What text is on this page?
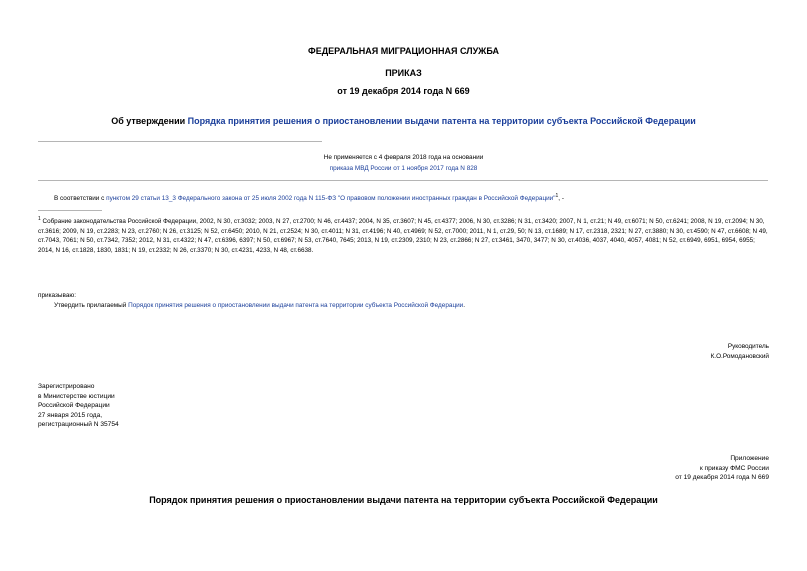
ФЕДЕРАЛЬНАЯ МИГРАЦИОННАЯ СЛУЖБА
ПРИКАЗ
от 19 декабря 2014 года N 669
Об утверждении Порядка принятия решения о приостановлении выдачи патента на территории субъекта Российской Федерации
Не применяется с 4 февраля 2018 года на основании
приказа МВД России от 1 ноября 2017 года N 828
В соответствии с пунктом 29 статьи 13_3 Федерального закона от 25 июля 2002 года N 115-ФЗ "О правовом положении иностранных граждан в Российской Федерации"$^1$, -
$^1$ Собрание законодательства Российской Федерации, 2002, N 30, ст.3032; 2003, N 27, ст.2700; N 46, ст.4437; 2004, N 35, ст.3607; N 45, ст.4377; 2006, N 30, ст.3286; N 31, ст.3420; 2007, N 1, ст.21; N 49, ст.6071; N 50, ст.6241; 2008, N 19, ст.2094; N 30, ст.3616; 2009, N 19, ст.2283; N 23, ст.2760; N 26, ст.3125; N 52, ст.6450; 2010, N 21, ст.2524; N 30, ст.4011; N 31, ст.4196; N 40, ст.4969; N 52, ст.7000; 2011, N 1, ст.29, 50; N 13, ст.1689; N 17, ст.2318, 2321; N 27, ст.3880; N 30, ст.4590; N 47, ст.6608; N 49, ст.7043, 7061; N 50, ст.7342, 7352; 2012, N 31, ст.4322; N 47, ст.6396, 6397; N 50, ст.6967; N 53, ст.7640, 7645; 2013, N 19, ст.2309, 2310; N 23, ст.2866; N 27, ст.3461, 3470, 3477; N 30, ст.4036, 4037, 4040, 4057, 4081; N 52, ст.6949, 6951, 6954, 6955; 2014, N 16, ст.1828, 1830, 1831; N 19, ст.2332; N 26, ст.3370; N 30, ст.4231, 4233, N 48, ст.6638.
приказываю:
Утвердить прилагаемый Порядок принятия решения о приостановлении выдачи патента на территории субъекта Российской Федерации.
Руководитель
К.О.Ромодановский
Зарегистрировано
в Министерстве юстиции
Российской Федерации
27 января 2015 года,
регистрационный N 35754
Приложение
к приказу ФМС России
от 19 декабря 2014 года N 669
Порядок принятия решения о приостановлении выдачи патента на территории субъекта Российской Федерации
